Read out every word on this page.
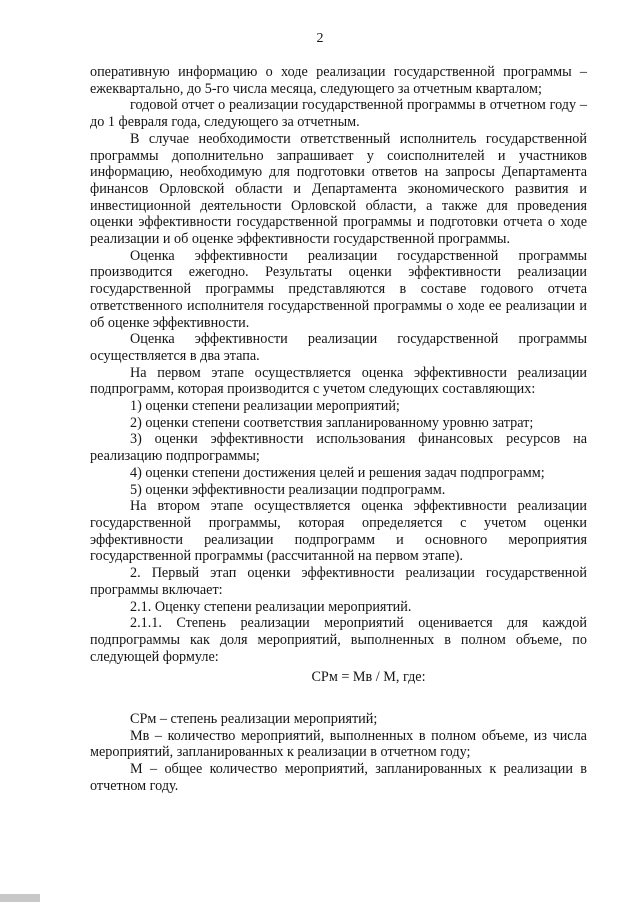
2

оперативную информацию о ходе реализации государственной программы – ежеквартально, до 5-го числа месяца, следующего за отчетным кварталом;

годовой отчет о реализации государственной программы в отчетном году – до 1 февраля года, следующего за отчетным.

В случае необходимости ответственный исполнитель государственной программы дополнительно запрашивает у соисполнителей и участников информацию, необходимую для подготовки ответов на запросы Департамента финансов Орловской области и Департамента экономического развития и инвестиционной деятельности Орловской области, а также для проведения оценки эффективности государственной программы и подготовки отчета о ходе реализации и об оценке эффективности государственной программы.

Оценка эффективности реализации государственной программы производится ежегодно. Результаты оценки эффективности реализации государственной программы представляются в составе годового отчета ответственного исполнителя государственной программы о ходе ее реализации и об оценке эффективности.

Оценка эффективности реализации государственной программы осуществляется в два этапа.

На первом этапе осуществляется оценка эффективности реализации подпрограмм, которая производится с учетом следующих составляющих:

1) оценки степени реализации мероприятий;

2) оценки степени соответствия запланированному уровню затрат;

3) оценки эффективности использования финансовых ресурсов на реализацию подпрограммы;

4) оценки степени достижения целей и решения задач подпрограмм;

5) оценки эффективности реализации подпрограмм.

На втором этапе осуществляется оценка эффективности реализации государственной программы, которая определяется с учетом оценки эффективности реализации подпрограмм и основного мероприятия государственной программы (рассчитанной на первом этапе).

2. Первый этап оценки эффективности реализации государственной программы включает:

2.1. Оценку степени реализации мероприятий.

2.1.1. Степень реализации мероприятий оценивается для каждой подпрограммы как доля мероприятий, выполненных в полном объеме, по следующей формуле:

СРм = Мв / М, где:

СРм – степень реализации мероприятий;

Мв – количество мероприятий, выполненных в полном объеме, из числа мероприятий, запланированных к реализации в отчетном году;

М – общее количество мероприятий, запланированных к реализации в отчетном году.
